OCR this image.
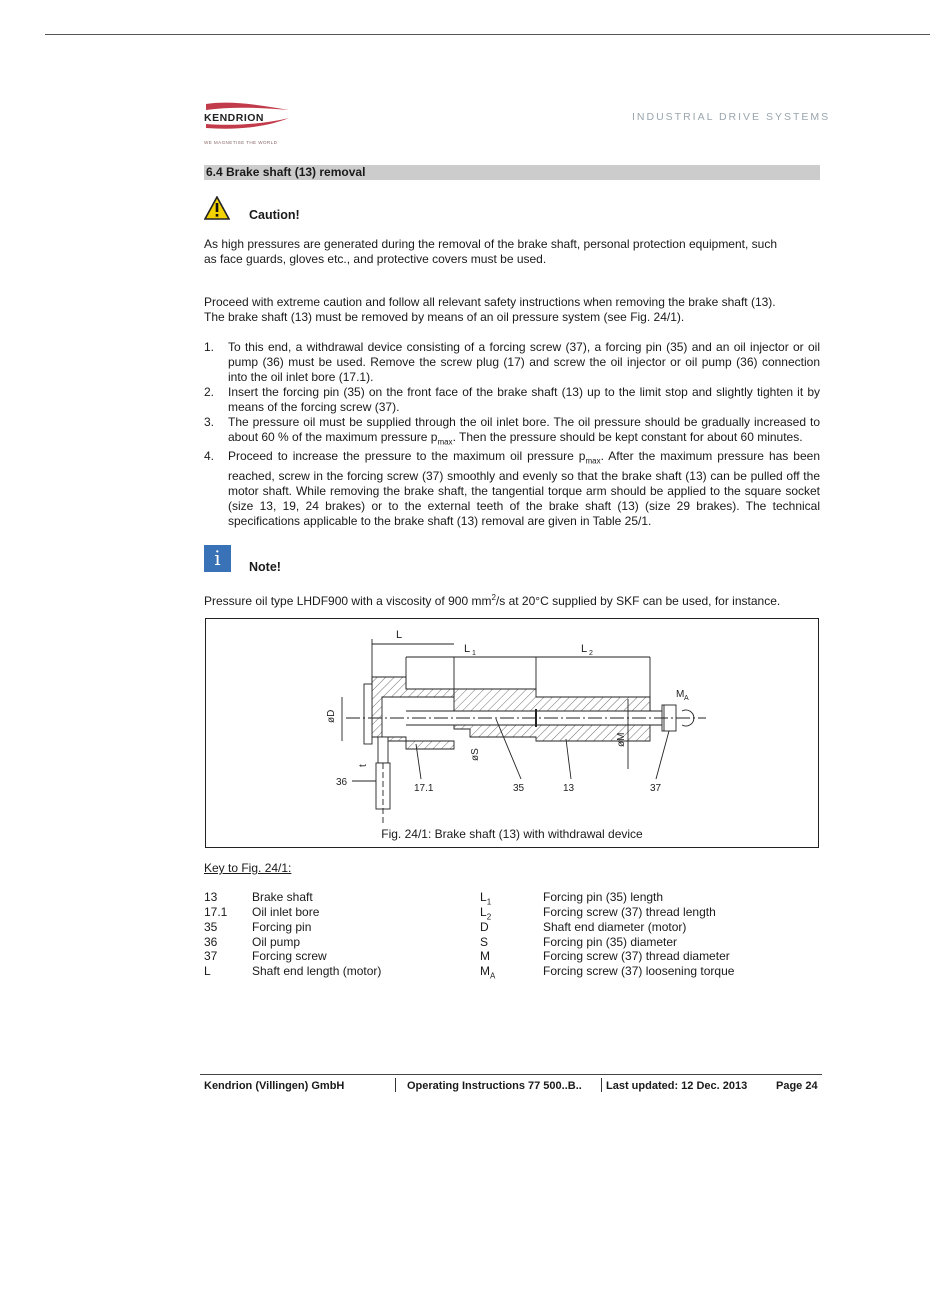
KENDRION
WE MAGNETISE THE WORLD
INDUSTRIAL DRIVE SYSTEMS
6.4 Brake shaft (13) removal
Caution!
As high pressures are generated during the removal of the brake shaft, personal protection equipment, such
as face guards, gloves etc., and protective covers must be used.
Proceed with extreme caution and follow all relevant safety instructions when removing the brake shaft (13).
The brake shaft (13) must be removed by means of an oil pressure system (see Fig. 24/1).
1. To this end, a withdrawal device consisting of a forcing screw (37), a forcing pin (35) and an oil injector or oil pump (36) must be used. Remove the screw plug (17) and screw the oil injector or oil pump (36) connection into the oil inlet bore (17.1).
2. Insert the forcing pin (35) on the front face of the brake shaft (13) up to the limit stop and slightly tighten it by means of the forcing screw (37).
3. The pressure oil must be supplied through the oil inlet bore. The oil pressure should be gradually increased to about 60 % of the maximum pressure $p_{max}$. Then the pressure should be kept constant for about 60 minutes.
4. Proceed to increase the pressure to the maximum oil pressure $p_{max}$. After the maximum pressure has been reached, screw in the forcing screw (37) smoothly and evenly so that the brake shaft (13) can be pulled off the motor shaft. While removing the brake shaft, the tangential torque arm should be applied to the square socket (size 13, 19, 24 brakes) or to the external teeth of the brake shaft (13) (size 29 brakes). The technical specifications applicable to the brake shaft (13) removal are given in Table 25/1.
i	Note!
Pressure oil type LHDF900 with a viscosity of 900 $mm^2/s$ at 20°C supplied by SKF can be used, for instance.
L
L 1	L 2
M A
øD
øM
øS
t
36
17.1	35	13	37
Fig. 24/1: Brake shaft (13) with withdrawal device
Key to Fig. 24/1:
13	Brake shaft
17.1	Oil inlet bore
35	Forcing pin
36	Oil pump
37	Forcing screw
L	Shaft end length (motor)
$L_1$	Forcing pin (35) length
$L_2$	Forcing screw (37) thread length
D	Shaft end diameter (motor)
S	Forcing pin (35) diameter
M	Forcing screw (37) thread diameter
$M_A$	Forcing screw (37) loosening torque
Kendrion (Villingen) GmbH	Operating Instructions 77 500..B.. Last updated: 12 Dec. 2013	Page 24
